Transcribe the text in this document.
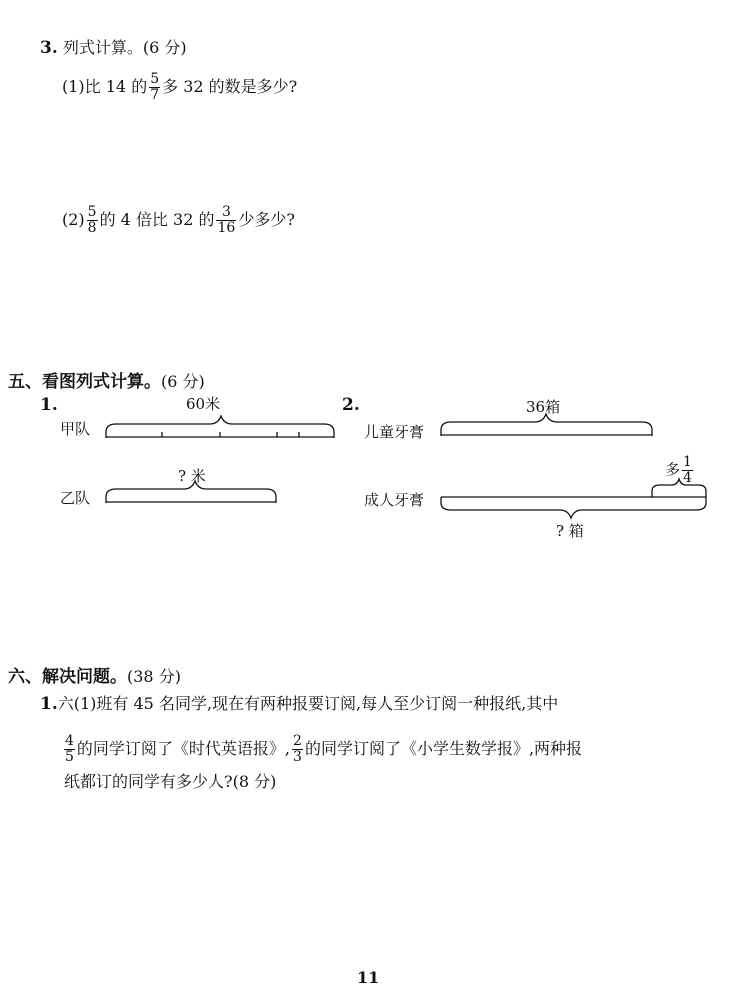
3. 列式计算。(6 分)
(1)比 14 的 $\frac{5}{7}$ 多 32 的数是多少?
$(2) \frac{5}{8}$ 的 4 倍比 32 的 $\frac{3}{16}$ 少多少?
五、看图列式计算。(6 分)
1.	60米
甲队
? 米
乙队
2.	36箱
儿童牙膏
多 $\frac{1}{4}$
成人牙膏
? 箱
六、解决问题。(38 分)
1.六(1)班有 45 名同学,现在有两种报要订阅,每人至少订阅一种报纸,其中
$\frac{4}{5}$ 的同学订阅了《时代英语报》, $\frac{2}{3}$ 的同学订阅了《小学生数学报》,两种报
纸都订的同学有多少人?(8 分)
11
